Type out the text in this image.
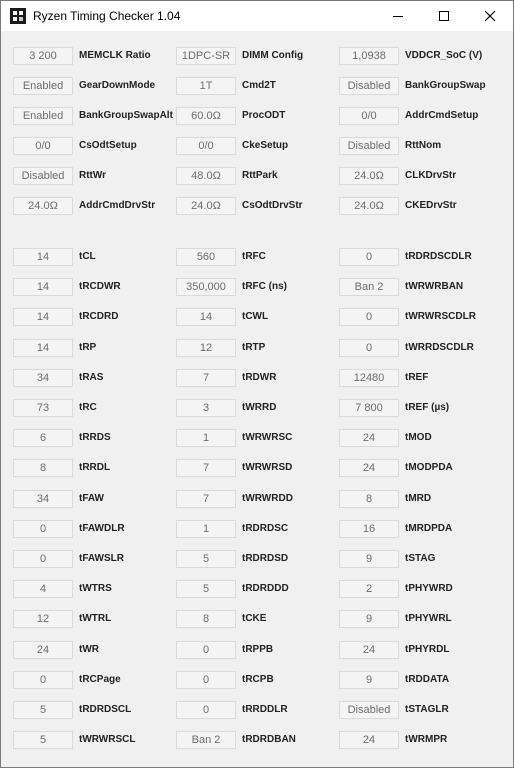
Ryzen Timing Checker 1.04
3 200	MEMCLK Ratio	1DPC-SR	DIMM Config	1,0938	VDDCR_SoC (V)
Enabled	GearDownMode	1T	Cmd2T	Disabled	BankGroupSwap
Enabled	BankGroupSwapAlt	60.0Ω	ProcODT	0/0	AddrCmdSetup
0/0	CsOdtSetup	0/0	CkeSetup	Disabled	RttNom
Disabled	RttWr	48.0Ω	RttPark	24.0Ω	CLKDrvStr
24.0Ω	AddrCmdDrvStr	24.0Ω	CsOdtDrvStr	24.0Ω	CKEDrvStr
14	tCL	560	tRFC	0	tRDRDSCDLR
14	tRCDWR	350,000	tRFC (ns)	Ban 2	tWRWRBAN
14	tRCDRD	14	tCWL	0	tWRWRSCDLR
14	tRP	12	tRTP	0	tWRRDSCDLR
34	tRAS	7	tRDWR	12480	tREF
73	tRC	3	tWRRD	7 800	tREF (µs)
6	tRRDS	1	tWRWRSC	24	tMOD
8	tRRDL	7	tWRWRSD	24	tMODPDA
34	tFAW	7	tWRWRDD	8	tMRD
0	tFAWDLR	1	tRDRDSC	16	tMRDPDA
0	tFAWSLR	5	tRDRDSD	9	tSTAG
4	tWTRS	5	tRDRDDD	2	tPHYWRD
12	tWTRL	8	tCKE	9	tPHYWRL
24	tWR	0	tRPPB	24	tPHYRDL
0	tRCPage	0	tRCPB	9	tRDDATA
5	tRDRDSCL	0	tRRDDLR	Disabled	tSTAGLR
5	tWRWRSCL	Ban 2	tRDRDBAN	24	tWRMPR
